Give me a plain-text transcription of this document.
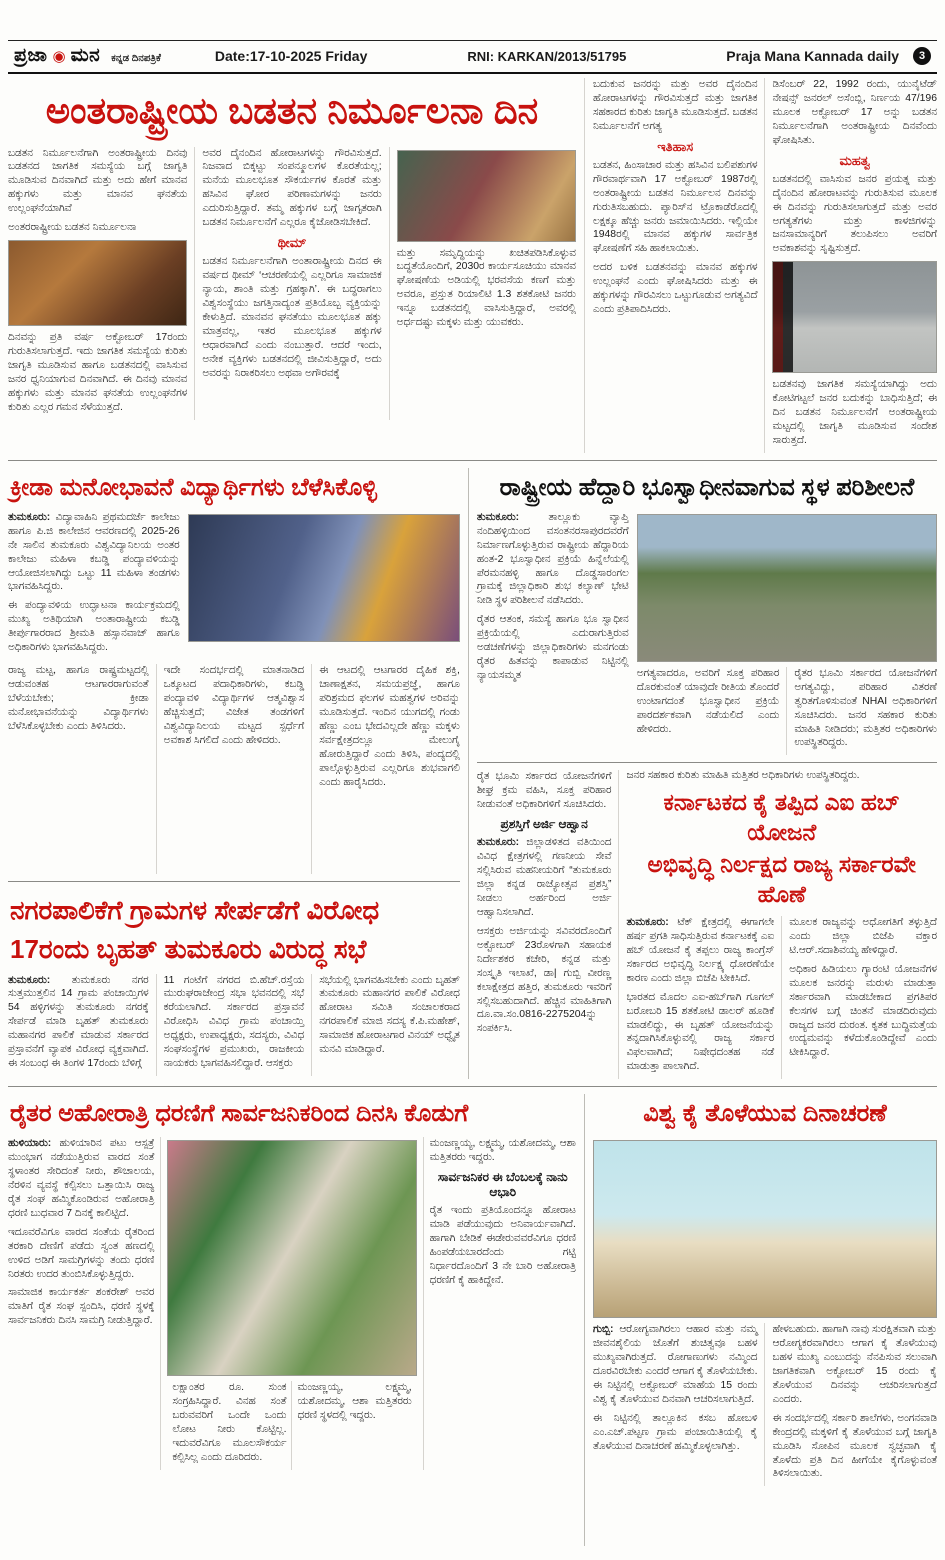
ಪ್ರಜಾ ◉ ಮನ ಕನ್ನಡ ದಿನಪತ್ರಿಕೆ	Date:17-10-2025 Friday	RNI: KARKAN/2013/51795	Praja Mana Kannada daily	3
ಅಂತರಾಷ್ಟ್ರೀಯ ಬಡತನ ನಿರ್ಮೂಲನಾ ದಿನ

ಬಡತನ ನಿರ್ಮೂಲನೆಗಾಗಿ ಅಂತರಾಷ್ಟ್ರೀಯ ದಿನವು ಬಡತನದ ಜಾಗತಿಕ ಸಮಸ್ಯೆಯ ಬಗ್ಗೆ ಜಾಗೃತಿ ಮೂಡಿಸುವ ದಿನವಾಗಿದೆ ಮತ್ತು ಅದು ಹೇಗೆ ಮಾನವ ಹಕ್ಕುಗಳು ಮತ್ತು ಮಾನವ ಘನತೆಯ ಉಲ್ಲಂಘನೆಯಾಗಿವೆ

ಅಂತರರಾಷ್ಟ್ರೀಯ ಬಡತನ ನಿರ್ಮೂಲನಾ

ದಿನವನ್ನು ಪ್ರತಿ ವರ್ಷ ಅಕ್ಟೋಬರ್ 17ರಂದು ಗುರುತಿಸಲಾಗುತ್ತದೆ. ಇದು ಜಾಗತಿಕ ಸಮಸ್ಯೆಯ ಕುರಿತು ಜಾಗೃತಿ ಮೂಡಿಸುವ ಹಾಗೂ ಬಡತನದಲ್ಲಿ ವಾಸಿಸುವ ಜನರ ಧ್ವನಿಯಾಗುವ ದಿನವಾಗಿದೆ. ಈ ದಿನವು ಮಾನವ ಹಕ್ಕುಗಳು ಮತ್ತು ಮಾನವ ಘನತೆಯ ಉಲ್ಲಂಘನೆಗಳ ಕುರಿತು ಎಲ್ಲರ ಗಮನ ಸೆಳೆಯುತ್ತದೆ.

ಅವರ ದೈನಂದಿನ ಹೋರಾಟಗಳನ್ನು ಗೌರವಿಸುತ್ತದೆ. ನಿಜವಾದ ಬಿಕ್ಕಟ್ಟು ಸಂಪನ್ಮೂಲಗಳ ಕೊರತೆಯಲ್ಲ; ಮನೆಯ ಮೂಲಭೂತ ಸೌಕರ್ಯಗಳ ಕೊರತೆ ಮತ್ತು ಹಸಿವಿನ ಘೋರ ಪರಿಣಾಮಗಳನ್ನು ಜನರು ಎದುರಿಸುತ್ತಿದ್ದಾರೆ. ತಮ್ಮ ಹಕ್ಕುಗಳ ಬಗ್ಗೆ ಜಾಗೃತರಾಗಿ ಬಡತನ ನಿರ್ಮೂಲನೆಗೆ ಎಲ್ಲರೂ ಕೈಜೋಡಿಸಬೇಕಿದೆ.

ಥೀಮ್

ಬಡತನ ನಿರ್ಮೂಲನೆಗಾಗಿ ಅಂತಾರಾಷ್ಟ್ರೀಯ ದಿನದ ಈ ವರ್ಷದ ಥೀಮ್ ‘ಆಚರಣೆಯಲ್ಲಿ ಎಲ್ಲರಿಗೂ ಸಾಮಾಜಿಕ ನ್ಯಾಯ, ಶಾಂತಿ ಮತ್ತು ಗ್ರಹಕ್ಕಾಗಿ’. ಈ ಬದ್ಧರಾಗಲು ವಿಶ್ವಸಂಸ್ಥೆಯು ಜಗತ್ತಿನಾದ್ಯಂತ ಪ್ರತಿಯೊಬ್ಬ ವ್ಯಕ್ತಿಯನ್ನು ಕೇಳುತ್ತಿದೆ. ಮಾನವನ ಘನತೆಯು ಮೂಲಭೂತ ಹಕ್ಕು ಮಾತ್ರವಲ್ಲ, ಇತರ ಮೂಲಭೂತ ಹಕ್ಕುಗಳ ಆಧಾರವಾಗಿದೆ ಎಂದು ನಂಬುತ್ತಾರೆ. ಆದರೆ ಇಂದು, ಅನೇಕ ವ್ಯಕ್ತಿಗಳು ಬಡತನದಲ್ಲಿ ಜೀವಿಸುತ್ತಿದ್ದಾರೆ, ಅದು ಅವರನ್ನು ನಿರಾಕರಿಸಲು ಅಥವಾ ಅಗೌರವಕ್ಕೆ

ಮತ್ತು ಸಮೃದ್ಧಿಯನ್ನು ಖಚಿತಪಡಿಸಿಕೊಳ್ಳುವ ಬದ್ಧತೆಯೊಂದಿಗೆ, 2030ರ ಕಾರ್ಯಸೂಚಿಯು ಮಾನವ ಘೋಷಣೆಯ ಅಡಿಯಲ್ಲಿ ಭರವಸೆಯ ಕಣಗೆ ಮತ್ತು ಅವರೂ, ಪ್ರಸ್ತುತ ರಿಯಾಲಿಟಿ 1.3 ಶತಕೋಟಿ ಜನರು ಇನ್ನೂ ಬಡತನದಲ್ಲಿ ವಾಸಿಸುತ್ತಿದ್ದಾರೆ, ಅವರಲ್ಲಿ ಅರ್ಧದಷ್ಟು ಮಕ್ಕಳು ಮತ್ತು ಯುವಕರು.

ಬದುಕುವ ಜನರನ್ನು ಮತ್ತು ಅವರ ದೈನಂದಿನ ಹೋರಾಟಗಳನ್ನು ಗೌರವಿಸುತ್ತದೆ ಮತ್ತು ಜಾಗತಿಕ ಸಹಕಾರದ ಕುರಿತು ಜಾಗೃತಿ ಮೂಡಿಸುತ್ತದೆ. ಬಡತನ ನಿರ್ಮೂಲನೆಗೆ ಅಗತ್ಯ

ಇತಿಹಾಸ

ಬಡತನ, ಹಿಂಸಾಚಾರ ಮತ್ತು ಹಸಿವಿನ ಬಲಿಪಶುಗಳ ಗೌರವಾರ್ಥವಾಗಿ 17 ಅಕ್ಟೋಬರ್ 1987ರಲ್ಲಿ ಅಂತರಾಷ್ಟ್ರೀಯ ಬಡತನ ನಿರ್ಮೂಲನ ದಿನವನ್ನು ಗುರುತಿಸಬಹುದು. ಪ್ಯಾರಿಸ್‌ನ ಟ್ರೊಕಾಡೆರೊದಲ್ಲಿ ಲಕ್ಷಕ್ಕೂ ಹೆಚ್ಚು ಜನರು ಜಮಾಯಿಸಿದರು. ಇಲ್ಲಿಯೇ 1948ರಲ್ಲಿ ಮಾನವ ಹಕ್ಕುಗಳ ಸಾರ್ವತ್ರಿಕ ಘೋಷಣೆಗೆ ಸಹಿ ಹಾಕಲಾಯಿತು.

ಅದರ ಬಳಿಕ ಬಡತನವನ್ನು ಮಾನವ ಹಕ್ಕುಗಳ ಉಲ್ಲಂಘನೆ ಎಂದು ಘೋಷಿಸಿದರು ಮತ್ತು ಈ ಹಕ್ಕುಗಳನ್ನು ಗೌರವಿಸಲು ಒಟ್ಟುಗೂಡುವ ಅಗತ್ಯವಿದೆ ಎಂದು ಪ್ರತಿಪಾದಿಸಿದರು.

ಡಿಸೆಂಬರ್ 22, 1992 ರಂದು, ಯುನೈಟೆಡ್ ನೇಷನ್ಸ್ ಜನರಲ್ ಅಸೆಂಬ್ಲಿ, ನಿರ್ಣಯ 47/196 ಮೂಲಕ ಅಕ್ಟೋಬರ್ 17 ಅನ್ನು ಬಡತನ ನಿರ್ಮೂಲನೆಗಾಗಿ ಅಂತರಾಷ್ಟ್ರೀಯ ದಿನವೆಂದು ಘೋಷಿಸಿತು.

ಮಹತ್ವ

ಬಡತನದಲ್ಲಿ ವಾಸಿಸುವ ಜನರ ಪ್ರಯತ್ನ ಮತ್ತು ದೈನಂದಿನ ಹೋರಾಟವನ್ನು ಗುರುತಿಸುವ ಮೂಲಕ ಈ ದಿನವನ್ನು ಗುರುತಿಸಲಾಗುತ್ತದೆ ಮತ್ತು ಅವರ ಅಗತ್ಯತೆಗಳು ಮತ್ತು ಕಾಳಜಿಗಳನ್ನು ಜನಸಾಮಾನ್ಯರಿಗೆ ತಲುಪಿಸಲು ಅವರಿಗೆ ಅವಕಾಶವನ್ನು ಸೃಷ್ಟಿಸುತ್ತದೆ.

ಬಡತನವು ಜಾಗತಿಕ ಸಮಸ್ಯೆಯಾಗಿದ್ದು ಅದು ಕೋಟಿಗಟ್ಟಲೆ ಜನರ ಬದುಕನ್ನು ಬಾಧಿಸುತ್ತಿದೆ; ಈ ದಿನ ಬಡತನ ನಿರ್ಮೂಲನೆಗೆ ಅಂತರಾಷ್ಟ್ರೀಯ ಮಟ್ಟದಲ್ಲಿ ಜಾಗೃತಿ ಮೂಡಿಸುವ ಸಂದೇಶ ಸಾರುತ್ತದೆ.

ಕ್ರೀಡಾ ಮನೋಭಾವನೆ ವಿದ್ಯಾರ್ಥಿಗಳು ಬೆಳೆಸಿಕೊಳ್ಳಿ

ತುಮಕೂರು: ವಿದ್ಯಾವಾಹಿನಿ ಪ್ರಥಮದರ್ಜೆ ಕಾಲೇಜು ಹಾಗೂ ಪಿ.ಜಿ ಕಾಲೇಜಿನ ಆವರಣದಲ್ಲಿ 2025-26 ನೇ ಸಾಲಿನ ತುಮಕೂರು ವಿಶ್ವವಿದ್ಯಾನಿಲಯ ಅಂತರ ಕಾಲೇಜು ಮಹಿಳಾ ಕಬಡ್ಡಿ ಪಂದ್ಯಾವಳಿಯನ್ನು ಆಯೋಜಿಸಲಾಗಿದ್ದು ಒಟ್ಟು 11 ಮಹಿಳಾ ತಂಡಗಳು ಭಾಗವಹಿಸಿದ್ದರು.

ಈ ಪಂದ್ಯಾವಳಿಯ ಉದ್ಘಾಟನಾ ಕಾರ್ಯಕ್ರಮದಲ್ಲಿ ಮುಖ್ಯ ಅತಿಥಿಯಾಗಿ ಅಂತಾರಾಷ್ಟ್ರೀಯ ಕಬಡ್ಡಿ ತೀರ್ಪುಗಾರರಾದ ಶ್ರೀಮತಿ ಹಸ್ಸಾನವಾಜ್ ಹಾಗೂ ಅಧಿಕಾರಿಗಳು ಭಾಗವಹಿಸಿದ್ದರು.

ರಾಜ್ಯ ಮಟ್ಟ, ಹಾಗೂ ರಾಷ್ಟ್ರಮಟ್ಟದಲ್ಲಿ ಆಡುವಂತಹ ಆಟಗಾರರಾಗುವಂತೆ ಬೆಳೆಯಬೇಕು; ಕ್ರೀಡಾ ಮನೋಭಾವನೆಯನ್ನು ವಿದ್ಯಾರ್ಥಿಗಳು ಬೆಳೆಸಿಕೊಳ್ಳಬೇಕು ಎಂದು ತಿಳಿಸಿದರು.

ಇದೇ ಸಂದರ್ಭದಲ್ಲಿ ಮಾತನಾಡಿದ ಒಕ್ಕೂಟದ ಪದಾಧಿಕಾರಿಗಳು, ಕಬಡ್ಡಿ ಪಂದ್ಯಾವಳಿ ವಿದ್ಯಾರ್ಥಿಗಳ ಆತ್ಮವಿಶ್ವಾಸ ಹೆಚ್ಚಿಸುತ್ತದೆ; ವಿಜೇತ ತಂಡಗಳಿಗೆ ವಿಶ್ವವಿದ್ಯಾನಿಲಯ ಮಟ್ಟದ ಸ್ಪರ್ಧೆಗೆ ಅವಕಾಶ ಸಿಗಲಿದೆ ಎಂದು ಹೇಳಿದರು.

ಈ ಆಟದಲ್ಲಿ ಆಟಗಾರರ ದೈಹಿಕ ಶಕ್ತಿ, ಚಾಣಾಕ್ಷತನ, ಸಮಯಪ್ರಜ್ಞೆ, ಹಾಗೂ ಪರಿಶ್ರಮದ ಫಲಗಳ ಮಹತ್ವಗಳ ಅರಿವನ್ನು ಮೂಡಿಸುತ್ತದೆ. ಇಂದಿನ ಯುಗದಲ್ಲಿ ಗಂಡು ಹೆಣ್ಣು ಎಂಬ ಭೇದವಿಲ್ಲದೇ ಹೆಣ್ಣು ಮಕ್ಕಳು ಸರ್ವಕ್ಷೇತ್ರದಲ್ಲೂ ಮೇಲುಗೈ ಹೋರುತ್ತಿದ್ದಾರೆ ಎಂದು ತಿಳಿಸಿ, ಪಂದ್ಯದಲ್ಲಿ ಪಾಲ್ಗೊಳ್ಳುತ್ತಿರುವ ಎಲ್ಲರಿಗೂ ಶುಭವಾಗಲಿ ಎಂದು ಹಾರೈಸಿದರು.

ನಗರಪಾಲಿಕೆಗೆ ಗ್ರಾಮಗಳ ಸೇರ್ಪಡೆಗೆ ವಿರೋಧ
17ರಂದು ಬೃಹತ್ ತುಮಕೂರು ವಿರುದ್ಧ ಸಭೆ

ತುಮಕೂರು: ತುಮಕೂರು ನಗರ ಸುತ್ತಮುತ್ತಲಿನ 14 ಗ್ರಾಮ ಪಂಚಾಯ್ತಿಗಳ 54 ಹಳ್ಳಿಗಳನ್ನು ತುಮಕೂರು ನಗರಕ್ಕೆ ಸೇರ್ಪಡೆ ಮಾಡಿ ಬೃಹತ್ ತುಮಕೂರು ಮಹಾನಗರ ಪಾಲಿಕೆ ಮಾಡುವ ಸರ್ಕಾರದ ಪ್ರಸ್ತಾವನೆಗೆ ವ್ಯಾಪಕ ವಿರೋಧ ವ್ಯಕ್ತವಾಗಿದೆ. ಈ ಸಂಬಂಧ ಈ ತಿಂಗಳ 17ರಂದು ಬೆಳಿಗ್ಗೆ

11 ಗಂಟೆಗೆ ನಗರದ ಬಿ.ಹೆಚ್.ರಸ್ತೆಯ ಮುರುಘರಾಜೇಂದ್ರ ಸಭಾ ಭವನದಲ್ಲಿ ಸಭೆ ಕರೆಯಲಾಗಿದೆ. ಸರ್ಕಾರದ ಪ್ರಸ್ತಾವನೆ ವಿರೋಧಿಸಿ ವಿವಿಧ ಗ್ರಾಮ ಪಂಚಾಯ್ತಿ ಅಧ್ಯಕ್ಷರು, ಉಪಾಧ್ಯಕ್ಷರು, ಸದಸ್ಯರು, ವಿವಿಧ ಸಂಘಸಂಸ್ಥೆಗಳ ಪ್ರಮುಖರು, ರಾಜಕೀಯ ನಾಯಕರು ಭಾಗವಹಿಸಲಿದ್ದಾರೆ. ಆಸಕ್ತರು

ಸಭೆಯಲ್ಲಿ ಭಾಗವಹಿಸಬೇಕು ಎಂದು ಬೃಹತ್ ತುಮಕೂರು ಮಹಾನಗರ ಪಾಲಿಕೆ ವಿರೋಧ ಹೋರಾಟ ಸಮಿತಿ ಸಂಚಾಲಕರಾದ ನಗರಪಾಲಿಕೆ ಮಾಜಿ ಸದಸ್ಯ ಕೆ.ಪಿ.ಮಹೇಶ್, ಸಾಮಾಜಿಕ ಹೋರಾಟಗಾರ ವಿನಯ್ ಅಧ್ವೈತ ಮನವಿ ಮಾಡಿದ್ದಾರೆ.

ರಾಷ್ಟ್ರೀಯ ಹೆದ್ದಾರಿ ಭೂಸ್ವಾಧೀನವಾಗುವ ಸ್ಥಳ ಪರಿಶೀಲನೆ

ತುಮಕೂರು:	ತಾಲ್ಲೂಕು ವ್ಯಾಪ್ತಿ ನಂದಿಹಳ್ಳಿಯಿಂದ ವಸಂತನರಸಾಪುರದವರೆಗೆ ನಿರ್ಮಾಣಗೊಳ್ಳುತ್ತಿರುವ ರಾಷ್ಟ್ರೀಯ ಹೆದ್ದಾರಿಯ ಹಂತ-2 ಭೂಸ್ವಾಧೀನ ಪ್ರಕ್ರಿಯೆ ಹಿನ್ನೆಲೆಯಲ್ಲಿ ಪೆರಮನಹಳ್ಳಿ ಹಾಗೂ ದೊಡ್ಡಸಾರಂಗಲ ಗ್ರಾಮಕ್ಕೆ ಜಿಲ್ಲಾಧಿಕಾರಿ ಶುಭ ಕಲ್ಯಾಣ್ ಭೇಟಿ ನೀಡಿ ಸ್ಥಳ ಪರಿಶೀಲನೆ ನಡೆಸಿದರು.

ರೈತರ ಆತಂಕ, ಸಮಸ್ಯೆ ಹಾಗೂ ಭೂ ಸ್ವಾಧೀನ ಪ್ರಕ್ರಿಯೆಯಲ್ಲಿ ಎದುರಾಗುತ್ತಿರುವ ಅಡಚಣೆಗಳನ್ನು ಜಿಲ್ಲಾಧಿಕಾರಿಗಳು ಮನಗಂಡು ರೈತರ ಹಿತವನ್ನು ಕಾಪಾಡುವ ನಿಟ್ಟಿನಲ್ಲಿ ನ್ಯಾಯಸಮ್ಮತ	ಅಗತ್ಯವಾದರೂ, ಅವರಿಗೆ ಸೂಕ್ತ ಪರಿಹಾರ ದೊರಕುವಂತೆ ಯಾವುದೇ ರೀತಿಯ ತೊಂದರೆ ಉಂಟಾಗದಂತೆ ಭೂಸ್ವಾಧೀನ ಪ್ರಕ್ರಿಯೆ ಪಾರದರ್ಶಕವಾಗಿ ನಡೆಯಲಿದೆ ಎಂದು ಹೇಳಿದರು.

ರೈತರ ಭೂಮಿ ಸರ್ಕಾರದ ಯೋಜನೆಗಳಿಗೆ ಅಗತ್ಯವಿದ್ದು, ಪರಿಹಾರ ವಿತರಣೆ ತ್ವರಿತಗೊಳಿಸುವಂತೆ NHAI ಅಧಿಕಾರಿಗಳಿಗೆ ಸೂಚಿಸಿದರು. ಜನರ ಸಹಕಾರ ಕುರಿತು ಮಾಹಿತಿ ನೀಡಿದರು; ಮತ್ತಿತರ ಅಧಿಕಾರಿಗಳು ಉಪಸ್ಥಿತರಿದ್ದರು.

ರೈತ ಭೂಮಿ ಸರ್ಕಾರದ ಯೋಜನೆಗಳಿಗೆ ಶೀಘ್ರ ಕ್ರಮ ವಹಿಸಿ, ಸೂಕ್ತ ಪರಿಹಾರ ನೀಡುವಂತೆ ಅಧಿಕಾರಿಗಳಿಗೆ ಸೂಚಿಸಿದರು.

ಪ್ರಶಸ್ತಿಗೆ ಅರ್ಜಿ ಆಹ್ವಾನ

ತುಮಕೂರು: ಜಿಲ್ಲಾಡಳಿತದ ವತಿಯಿಂದ ವಿವಿಧ ಕ್ಷೇತ್ರಗಳಲ್ಲಿ ಗಣನೀಯ ಸೇವೆ ಸಲ್ಲಿಸಿರುವ ಮಹನೀಯರಿಗೆ “ತುಮಕೂರು ಜಿಲ್ಲಾ ಕನ್ನಡ ರಾಜ್ಯೋತ್ಸವ ಪ್ರಶಸ್ತಿ” ನೀಡಲು ಅರ್ಹರಿಂದ ಅರ್ಜಿ ಆಹ್ವಾನಿಸಲಾಗಿದೆ.

ಆಸಕ್ತರು ಅರ್ಜಿಯನ್ನು ಸವಿವರದೊಂದಿಗೆ ಅಕ್ಟೋಬರ್ 23ರೊಳಗಾಗಿ ಸಹಾಯಕ ನಿರ್ದೇಶಕರ ಕಚೇರಿ, ಕನ್ನಡ ಮತ್ತು ಸಂಸ್ಕೃತಿ ಇಲಾಖೆ, ಡಾ| ಗುಬ್ಬಿ ವೀರಣ್ಣ ಕಲಾಕ್ಷೇತ್ರದ ಹತ್ತಿರ, ತುಮಕೂರು ಇವರಿಗೆ ಸಲ್ಲಿಸಬಹುದಾಗಿದೆ. ಹೆಚ್ಚಿನ ಮಾಹಿತಿಗಾಗಿ ದೂ.ವಾ.ಸಂ.0816-2275204ನ್ನು ಸಂಪರ್ಕಿಸಿ.

ಜನರ ಸಹಕಾರ ಕುರಿತು ಮಾಹಿತಿ ಮತ್ತಿತರ ಅಧಿಕಾರಿಗಳು ಉಪಸ್ಥಿತರಿದ್ದರು.

ಕರ್ನಾಟಕದ ಕೈ ತಪ್ಪಿದ ಎಐ ಹಬ್ ಯೋಜನೆ
ಅಭಿವೃದ್ಧಿ ನಿರ್ಲಕ್ಷದ ರಾಜ್ಯ ಸರ್ಕಾರವೇ ಹೊಣೆ

ತುಮಕೂರು: ಟೆಕ್ ಕ್ಷೇತ್ರದಲ್ಲಿ ಈಗಾಗಲೇ ಹರ್ಷ ಪ್ರಗತಿ ಸಾಧಿಸುತ್ತಿರುವ ಕರ್ನಾಟಕಕ್ಕೆ ಎಐ ಹಬ್ ಯೋಜನೆ ಕೈ ತಪ್ಪಲು ರಾಜ್ಯ ಕಾಂಗ್ರೆಸ್ ಸರ್ಕಾರದ ಅಭಿವೃದ್ಧಿ ನಿರ್ಲಕ್ಷ್ಯ ಧೋರಣೆಯೇ ಕಾರಣ ಎಂದು ಜಿಲ್ಲಾ ಬಿಜೆಪಿ ಟೀಕಿಸಿದೆ.

ಭಾರತದ ಮೊದಲ ಎಐ-ಹಬ್‌ಗಾಗಿ ಗೂಗಲ್ ಬರೋಬರಿ 15 ಶತಕೋಟಿ ಡಾಲರ್ ಹೂಡಿಕೆ ಮಾಡಲಿದ್ದು, ಈ ಬೃಹತ್ ಯೋಜನೆಯನ್ನು ತನ್ನದಾಗಿಸಿಕೊಳ್ಳುವಲ್ಲಿ ರಾಜ್ಯ ಸರ್ಕಾರ ವಿಫಲವಾಗಿದೆ; ನಿಷೇಧದಂತಹ ನಡೆ ಮಾಡುತ್ತಾ ಪಾಲಾಗಿದೆ.

ಮೂಲಕ ರಾಜ್ಯವನ್ನು ಅಧೋಗತಿಗೆ ತಳ್ಳುತ್ತಿದೆ ಎಂದು ಜಿಲ್ಲಾ ಬಿಜೆಪಿ ವಕ್ತಾರ ಟಿ.ಆರ್.ಸದಾಶಿವಯ್ಯ ಹೇಳಿದ್ದಾರೆ.

ಅಧಿಕಾರ ಹಿಡಿಯಲು ಗ್ಯಾರಂಟಿ ಯೋಜನೆಗಳ ಮೂಲಕ ಜನರನ್ನು ಮರುಳು ಮಾಡುತ್ತಾ ಸರ್ಕಾರವಾಗಿ ಮಾಡಬೇಕಾದ ಪ್ರಗತಿಪರ ಕೆಲಸಗಳ ಬಗ್ಗೆ ಚಿಂತನೆ ಮಾಡದಿರುವುದು ರಾಜ್ಯದ ಜನರ ದುರಂತ. ಕೃತಕ ಬುದ್ಧಿಮತ್ತೆಯ ಉದ್ಯಮವನ್ನು ಕಳೆದುಕೊಂಡಿದ್ದೇವೆ ಎಂದು ಟೀಕಿಸಿದ್ದಾರೆ.

ರೈತರ ಅಹೋರಾತ್ರಿ ಧರಣಿಗೆ ಸಾರ್ವಜನಿಕರಿಂದ ದಿನಸಿ ಕೊಡುಗೆ

ಹುಳಿಯಾರು: ಹುಳಿಯಾರಿನ ಪಟು ಆಸ್ಪತ್ರೆ ಮುಂಭಾಗ ನಡೆಯುತ್ತಿರುವ ವಾರದ ಸಂತೆ ಸ್ಥಳಾಂತರ ಸೇರಿದಂತೆ ನೀರು, ಶೌಚಾಲಯ, ನೆರಳಿನ ವ್ಯವಸ್ಥೆ ಕಲ್ಪಿಸಲು ಒತ್ತಾಯಿಸಿ ರಾಜ್ಯ ರೈತ ಸಂಘ ಹಮ್ಮಿಕೊಂಡಿರುವ ಅಹೋರಾತ್ರಿ ಧರಣಿ ಬುಧವಾರ 7 ದಿನಕ್ಕೆ ಕಾಲಿಟ್ಟಿದೆ.

ಇದೂವರೆವಿಗೂ ವಾರದ ಸಂತೆಯ ರೈತರಿಂದ ತರಕಾರಿ ದೇಣಿಗೆ ಪಡೆದು ಸ್ವಂತ ಹಣದಲ್ಲಿ ಉಳಿದ ಅಡಿಗೆ ಸಾಮಗ್ರಿಗಳನ್ನು ತಂದು ಧರಣಿ ನಿರತರು ಉದರ ತುಂಬಿಸಿಕೊಳ್ಳುತ್ತಿದ್ದರು.

ಸಾಮಾಜಿಕ ಕಾರ್ಯಕರ್ತ ಶಂಕರೇಶ್ ಅವರ ಮಾತಿಗೆ ರೈತ ಸಂಘ ಸ್ಪಂದಿಸಿ, ಧರಣಿ ಸ್ಥಳಕ್ಕೆ ಸಾರ್ವಜನಿಕರು ದಿನಸಿ ಸಾಮಗ್ರಿ ನೀಡುತ್ತಿದ್ದಾರೆ.

ಲಕ್ಷಾಂತರ ರೂ. ಸುಂಕ ಸಂಗ್ರಹಿಸಿದ್ದಾರೆ. ವಿನಹ ಸಂತೆ ಬರುವವರಿಗೆ ಒಂದೇ ಒಂದು ಲೋಟ ನೀರು ಕೊಟ್ಟಿಲ್ಲ. ಇದುವರೆವಿಗೂ ಮೂಲಸೌಕರ್ಯ ಕಲ್ಪಿಸಿಲ್ಲ ಎಂದು ದೂರಿದರು.

ಮಂಜಣ್ಣಯ್ಯ, ಲಕ್ಷ್ಮಮ್ಮ, ಯಶೋದಮ್ಮ, ಆಶಾ ಮತ್ತಿತರರು ಧರಣಿ ಸ್ಥಳದಲ್ಲಿ ಇದ್ದರು.

ಮಂಜಣ್ಣಯ್ಯ, ಲಕ್ಷ್ಮಮ್ಮ, ಯಶೋದಮ್ಮ, ಆಶಾ ಮತ್ತಿತರರು ಇದ್ದರು.

ಸಾರ್ವಜನಿಕರ ಈ ಬೆಂಬಲಕ್ಕೆ ನಾನು ಆಭಾರಿ

ರೈತ ಇಂದು ಪ್ರತಿಯೊಂದನ್ನೂ ಹೋರಾಟ ಮಾಡಿ ಪಡೆಯುವುದು ಅನಿವಾರ್ಯವಾಗಿದೆ. ಹಾಗಾಗಿ ಬೇಡಿಕೆ ಈಡೇರುವವರೆವಿಗೂ ಧರಣಿ ಹಿಂಪಡೆಯಬಾರದೆಂದು ಗಟ್ಟಿ ನಿರ್ಧಾರದೊಂದಿಗೆ 3 ನೇ ಬಾರಿ ಅಹೋರಾತ್ರಿ ಧರಣಿಗೆ ಕೈ ಹಾಕಿದ್ದೇನೆ.

ವಿಶ್ವ ಕೈ ತೊಳೆಯುವ ದಿನಾಚರಣೆ

ಗುಬ್ಬಿ: ಆರೋಗ್ಯವಾಗಿರಲು ಆಹಾರ ಮತ್ತು ನಮ್ಮ ಜೀವನಶೈಲಿಯ ಜೊತೆಗೆ ಶುಚಿತ್ವವೂ ಬಹಳ ಮುಖ್ಯವಾಗಿರುತ್ತದೆ. ರೋಗಾಣುಗಳು ನಮ್ಮಿಂದ ದೂರವಿರಬೇಕು ಎಂದರೆ ಆಗಾಗ ಕೈ ತೊಳೆಯಬೇಕು. ಈ ನಿಟ್ಟಿನಲ್ಲಿ ಅಕ್ಟೋಬರ್ ಮಾಹೆಯ 15 ರಂದು ವಿಶ್ವ ಕೈ ತೊಳೆಯುವ ದಿನವಾಗಿ ಆಚರಿಸಲಾಗುತ್ತಿದೆ.

ಈ ನಿಟ್ಟಿನಲ್ಲಿ ತಾಲ್ಲೂಕಿನ ಕಸಬ ಹೋಬಳಿ ಎಂ.ಎಚ್.ಪಟ್ಟಣ ಗ್ರಾಮ ಪಂಚಾಯಿತಿಯಲ್ಲಿ ಕೈ ತೊಳೆಯುವ ದಿನಾಚರಣೆ ಹಮ್ಮಿಕೊಳ್ಳಲಾಗಿತ್ತು.

ಹೇಳಬಹುದು. ಹಾಗಾಗಿ ನಾವು ಸುರಕ್ಷಿತವಾಗಿ ಮತ್ತು ಆರೋಗ್ಯಕರವಾಗಿರಲು ಆಗಾಗ ಕೈ ತೊಳೆಯುವು ಬಹಳ ಮುಖ್ಯ ಎಂಬುದನ್ನು ನೆನಪಿಸುವ ಸಲುವಾಗಿ ಜಾಗತಿಕವಾಗಿ ಅಕ್ಟೋಬರ್ 15 ರಂದು ಕೈ ತೊಳೆಯುವ ದಿನವನ್ನು ಆಚರಿಸಲಾಗುತ್ತದೆ ಎಂದರು.

ಈ ಸಂದರ್ಭದಲ್ಲಿ ಸರ್ಕಾರಿ ಶಾಲೆಗಳು, ಅಂಗನವಾಡಿ ಕೇಂದ್ರದಲ್ಲಿ ಮಕ್ಕಳಿಗೆ ಕೈ ತೊಳೆಯುವ ಬಗ್ಗೆ ಜಾಗೃತಿ ಮೂಡಿಸಿ ಸೋಪಿನ ಮೂಲಕ ಸ್ವಚ್ಛವಾಗಿ ಕೈ ತೊಳೆದು ಪ್ರತಿ ದಿನ ಹೀಗೆಯೇ ಕೈಗೊಳ್ಳುವಂತೆ ತಿಳಿಸಲಾಯಿತು.
